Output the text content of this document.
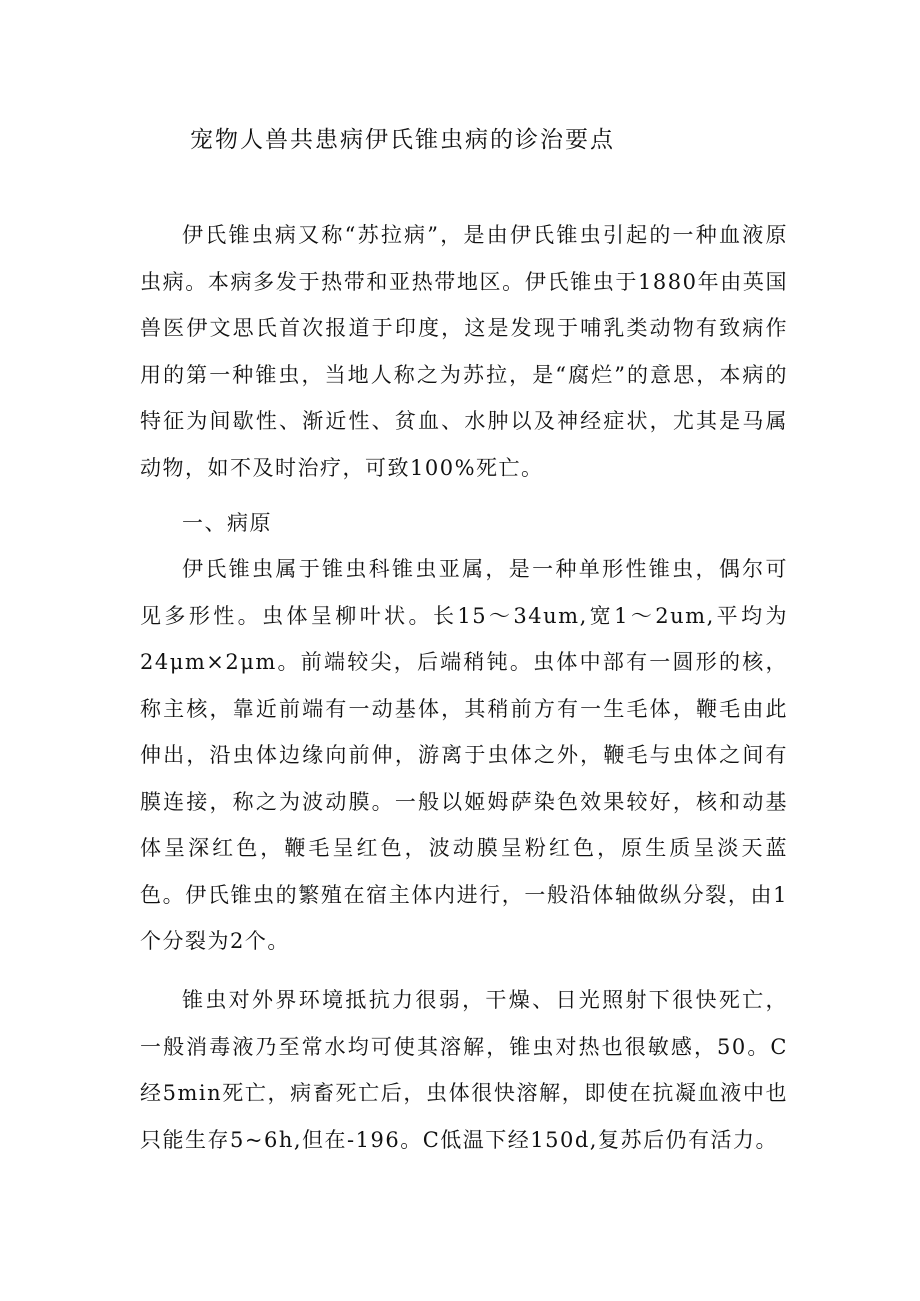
宠物人兽共患病伊氏锥虫病的诊治要点

伊氏锥虫病又称“苏拉病”，是由伊氏锥虫引起的一种血液原虫病。本病多发于热带和亚热带地区。伊氏锥虫于1880年由英国兽医伊文思氏首次报道于印度，这是发现于哺乳类动物有致病作用的第一种锥虫，当地人称之为苏拉，是“腐烂”的意思，本病的特征为间歇性、渐近性、贫血、水肿以及神经症状，尤其是马属动物，如不及时治疗，可致100%死亡。

一、病原

伊氏锥虫属于锥虫科锥虫亚属，是一种单形性锥虫，偶尔可见多形性。虫体呈柳叶状。长15～34um,宽1～2um,平均为24μm×2μm。前端较尖，后端稍钝。虫体中部有一圆形的核，称主核，靠近前端有一动基体，其稍前方有一生毛体，鞭毛由此伸出，沿虫体边缘向前伸，游离于虫体之外，鞭毛与虫体之间有膜连接，称之为波动膜。一般以姬姆萨染色效果较好，核和动基体呈深红色，鞭毛呈红色，波动膜呈粉红色，原生质呈淡天蓝色。伊氏锥虫的繁殖在宿主体内进行，一般沿体轴做纵分裂，由1个分裂为2个。

锥虫对外界环境抵抗力很弱，干燥、日光照射下很快死亡，一般消毒液乃至常水均可使其溶解，锥虫对热也很敏感，50。C经5min死亡，病畜死亡后，虫体很快溶解，即使在抗凝血液中也只能生存5~6h,但在-196。C低温下经150d,复苏后仍有活力。
